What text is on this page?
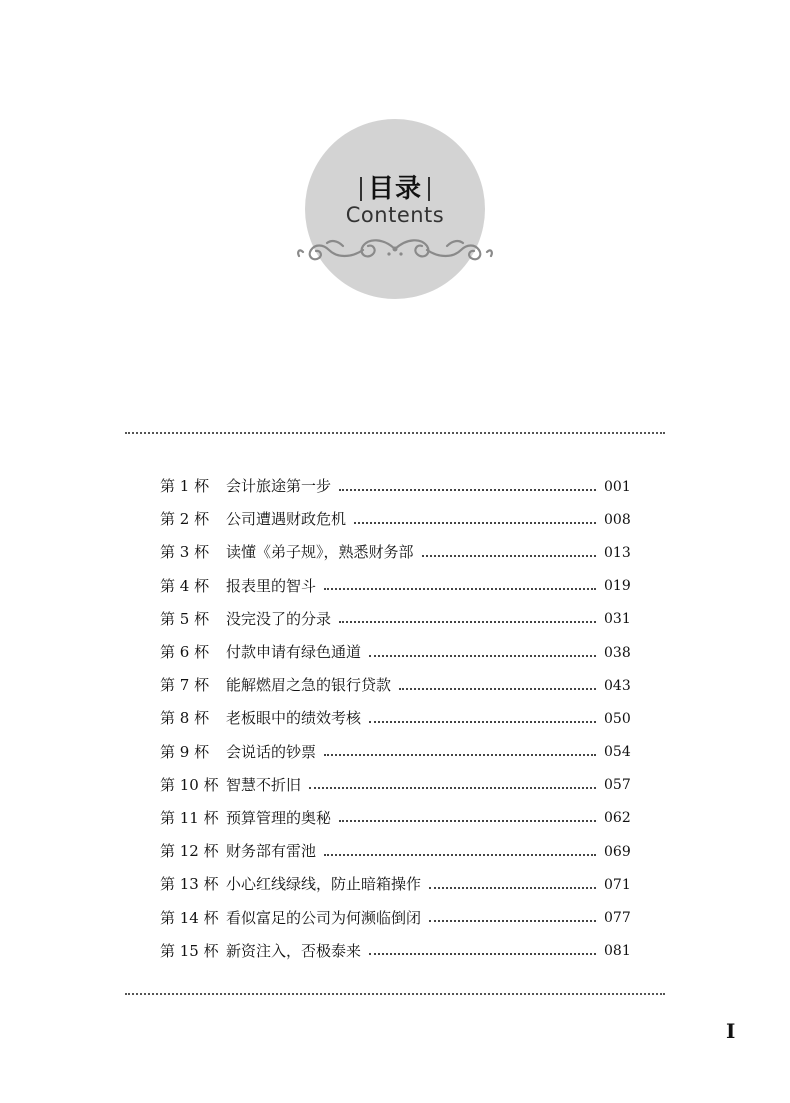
目录
Contents
第 1 杯	会计旅途第一步	001
第 2 杯	公司遭遇财政危机	008
第 3 杯	读懂《弟子规》，熟悉财务部	013
第 4 杯	报表里的智斗	019
第 5 杯	没完没了的分录	031
第 6 杯	付款申请有绿色通道	038
第 7 杯	能解燃眉之急的银行贷款	043
第 8 杯	老板眼中的绩效考核	050
第 9 杯	会说话的钞票	054
第 10 杯 智慧不折旧	057
第 11 杯 预算管理的奥秘	062
第 12 杯 财务部有雷池	069
第 13 杯 小心红线绿线，防止暗箱操作	071
第 14 杯 看似富足的公司为何濒临倒闭	077
第 15 杯 新资注入，否极泰来	081
I
